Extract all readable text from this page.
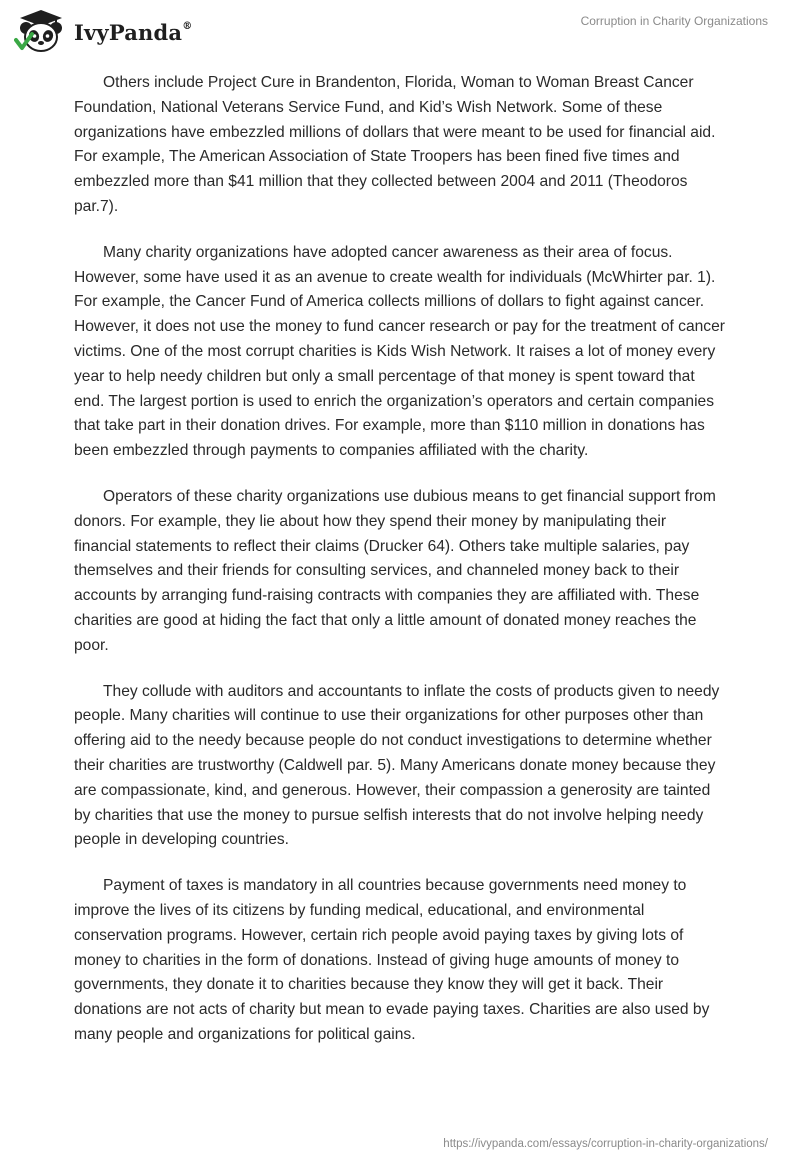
IvyPanda®	Corruption in Charity Organizations

Others include Project Cure in Brandenton, Florida, Woman to Woman Breast Cancer Foundation, National Veterans Service Fund, and Kid’s Wish Network. Some of these organizations have embezzled millions of dollars that were meant to be used for financial aid. For example, The American Association of State Troopers has been fined five times and embezzled more than $41 million that they collected between 2004 and 2011 (Theodoros par.7).

Many charity organizations have adopted cancer awareness as their area of focus. However, some have used it as an avenue to create wealth for individuals (McWhirter par. 1). For example, the Cancer Fund of America collects millions of dollars to fight against cancer. However, it does not use the money to fund cancer research or pay for the treatment of cancer victims. One of the most corrupt charities is Kids Wish Network. It raises a lot of money every year to help needy children but only a small percentage of that money is spent toward that end. The largest portion is used to enrich the organization’s operators and certain companies that take part in their donation drives. For example, more than $110 million in donations has been embezzled through payments to companies affiliated with the charity.

Operators of these charity organizations use dubious means to get financial support from donors. For example, they lie about how they spend their money by manipulating their financial statements to reflect their claims (Drucker 64). Others take multiple salaries, pay themselves and their friends for consulting services, and channeled money back to their accounts by arranging fund-raising contracts with companies they are affiliated with. These charities are good at hiding the fact that only a little amount of donated money reaches the poor.

They collude with auditors and accountants to inflate the costs of products given to needy people. Many charities will continue to use their organizations for other purposes other than offering aid to the needy because people do not conduct investigations to determine whether their charities are trustworthy (Caldwell par. 5). Many Americans donate money because they are compassionate, kind, and generous. However, their compassion a generosity are tainted by charities that use the money to pursue selfish interests that do not involve helping needy people in developing countries.

Payment of taxes is mandatory in all countries because governments need money to improve the lives of its citizens by funding medical, educational, and environmental conservation programs. However, certain rich people avoid paying taxes by giving lots of money to charities in the form of donations. Instead of giving huge amounts of money to governments, they donate it to charities because they know they will get it back. Their donations are not acts of charity but mean to evade paying taxes. Charities are also used by many people and organizations for political gains.

https://ivypanda.com/essays/corruption-in-charity-organizations/
